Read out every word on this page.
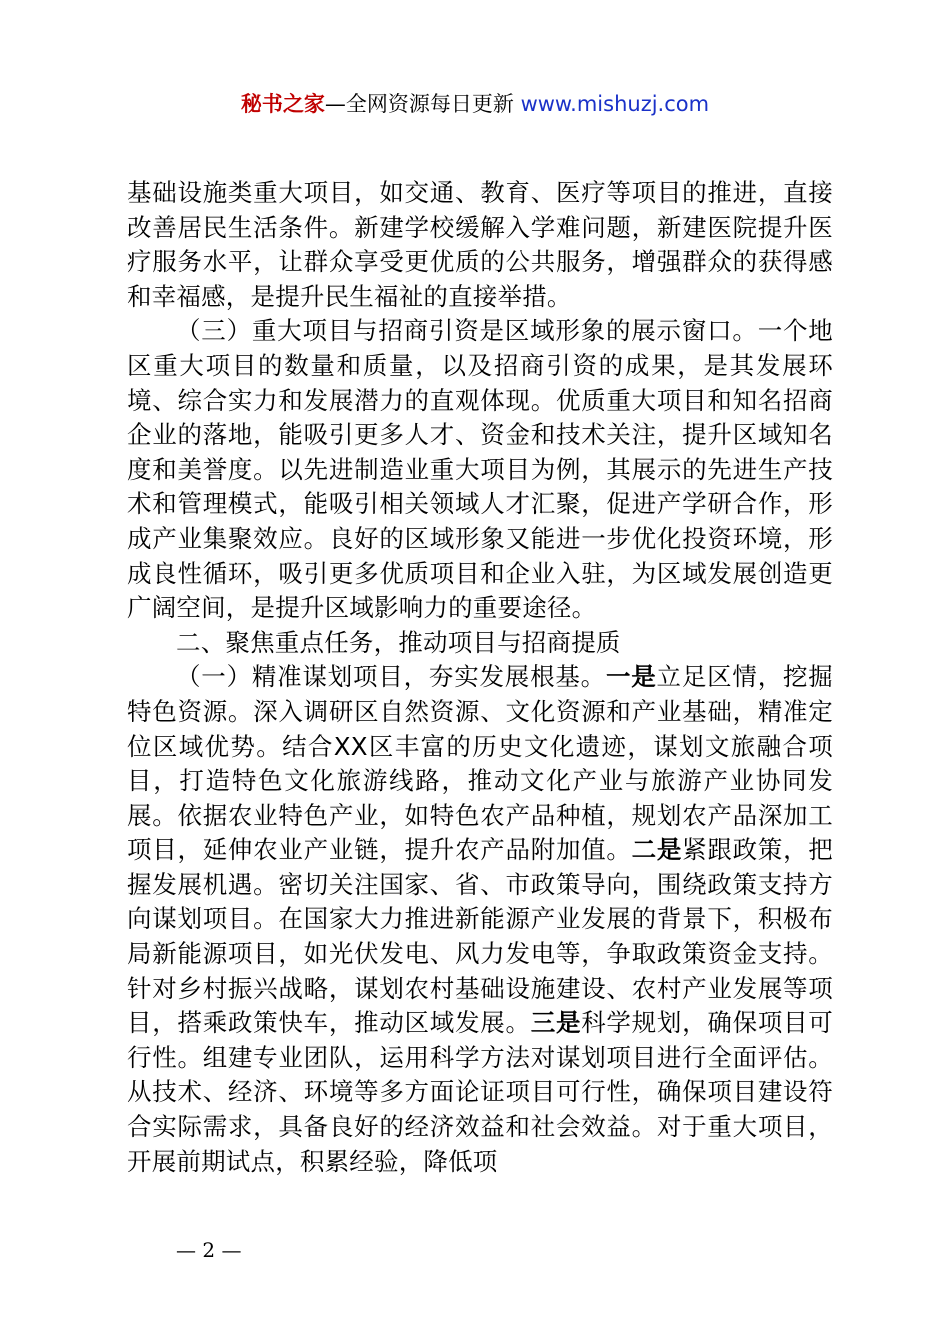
秘书之家—全网资源每日更新 www.mishuzj.com

基础设施类重大项目，如交通、教育、医疗等项目的推进，直接改善居民生活条件。新建学校缓解入学难问题，新建医院提升医疗服务水平，让群众享受更优质的公共服务，增强群众的获得感和幸福感，是提升民生福祉的直接举措。

（三）重大项目与招商引资是区域形象的展示窗口。一个地区重大项目的数量和质量，以及招商引资的成果，是其发展环境、综合实力和发展潜力的直观体现。优质重大项目和知名招商企业的落地，能吸引更多人才、资金和技术关注，提升区域知名度和美誉度。以先进制造业重大项目为例，其展示的先进生产技术和管理模式，能吸引相关领域人才汇聚，促进产学研合作，形成产业集聚效应。良好的区域形象又能进一步优化投资环境，形成良性循环，吸引更多优质项目和企业入驻，为区域发展创造更广阔空间，是提升区域影响力的重要途径。

二、聚焦重点任务，推动项目与招商提质

（一）精准谋划项目，夯实发展根基。一是立足区情，挖掘特色资源。深入调研区自然资源、文化资源和产业基础，精准定位区域优势。结合XX区丰富的历史文化遗迹，谋划文旅融合项目，打造特色文化旅游线路，推动文化产业与旅游产业协同发展。依据农业特色产业，如特色农产品种植，规划农产品深加工项目，延伸农业产业链，提升农产品附加值。二是紧跟政策，把握发展机遇。密切关注国家、省、市政策导向，围绕政策支持方向谋划项目。在国家大力推进新能源产业发展的背景下，积极布局新能源项目，如光伏发电、风力发电等，争取政策资金支持。针对乡村振兴战略，谋划农村基础设施建设、农村产业发展等项目，搭乘政策快车，推动区域发展。三是科学规划，确保项目可行性。组建专业团队，运用科学方法对谋划项目进行全面评估。从技术、经济、环境等多方面论证项目可行性，确保项目建设符合实际需求，具备良好的经济效益和社会效益。对于重大项目，开展前期试点，积累经验，降低项

— 2 —
